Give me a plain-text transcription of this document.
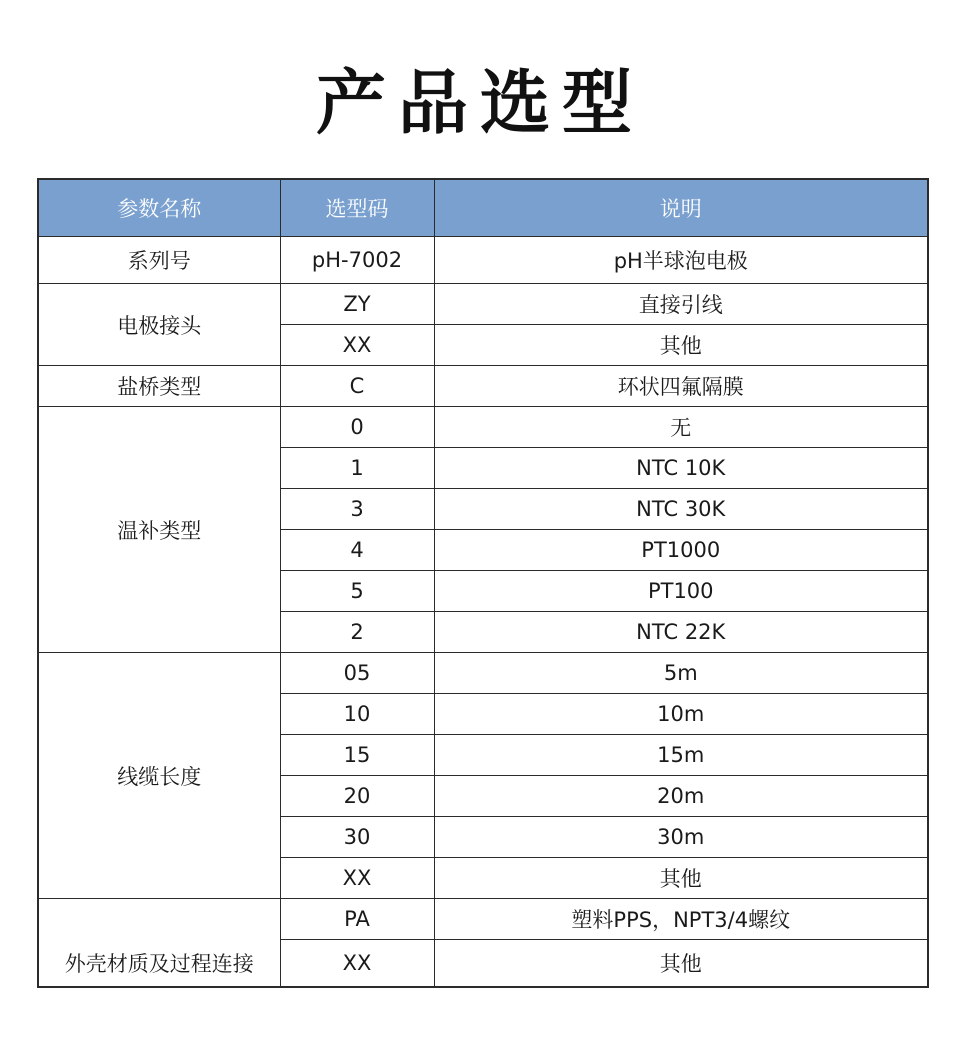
产品选型
参数名称	选型码	说明
系列号	pH-7002	pH半球泡电极
电极接头	ZY	直接引线
	XX	其他
盐桥类型	C	环状四氟隔膜
温补类型	0	无
	1	NTC 10K
	3	NTC 30K
	4	PT1000
	5	PT100
	2	NTC 22K
线缆长度	05	5m
	10	10m
	15	15m
	20	20m
	30	30m
	XX	其他
外壳材质及过程连接	PA	塑料PPS，NPT3/4螺纹
	XX	其他
